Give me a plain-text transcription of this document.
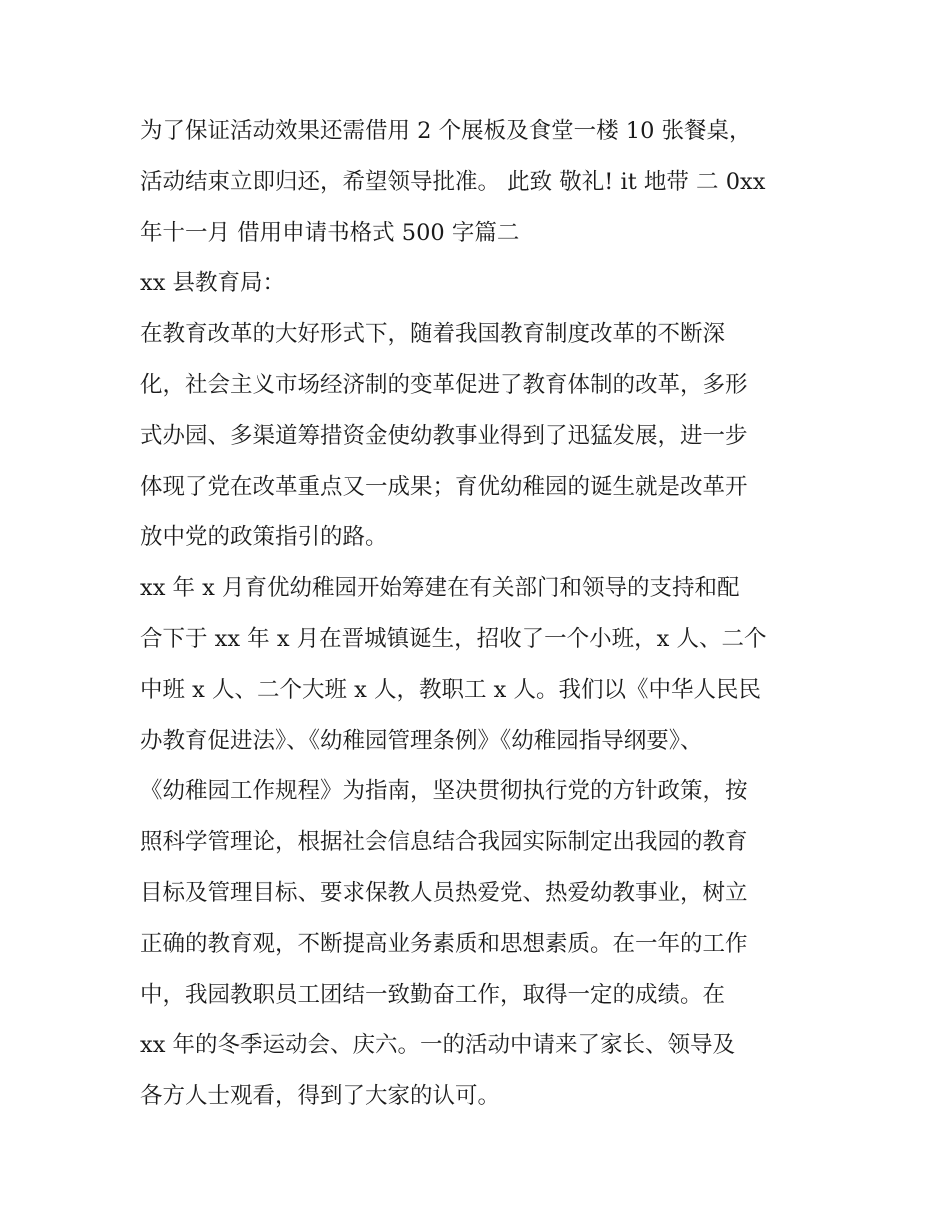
为了保证活动效果还需借用 2 个展板及食堂一楼 10 张餐桌，
活动结束立即归还，希望领导批准。 此致 敬礼! it 地带 二 0xx
年十一月 借用申请书格式 500 字篇二
xx 县教育局：
在教育改革的大好形式下，随着我国教育制度改革的不断深
化，社会主义市场经济制的变革促进了教育体制的改革，多形
式办园、多渠道筹措资金使幼教事业得到了迅猛发展，进一步
体现了党在改革重点又一成果；育优幼稚园的诞生就是改革开
放中党的政策指引的路。
xx 年 x 月育优幼稚园开始筹建在有关部门和领导的支持和配
合下于 xx 年 x 月在晋城镇诞生，招收了一个小班，x 人、二个
中班 x 人、二个大班 x 人，教职工 x 人。我们以《中华人民民
办教育促进法》、《幼稚园管理条例》《幼稚园指导纲要》、
《幼稚园工作规程》为指南，坚决贯彻执行党的方针政策，按
照科学管理论，根据社会信息结合我园实际制定出我园的教育
目标及管理目标、要求保教人员热爱党、热爱幼教事业，树立
正确的教育观，不断提高业务素质和思想素质。在一年的工作
中，我园教职员工团结一致勤奋工作，取得一定的成绩。在
xx 年的冬季运动会、庆六。一的活动中请来了家长、领导及
各方人士观看，得到了大家的认可。
